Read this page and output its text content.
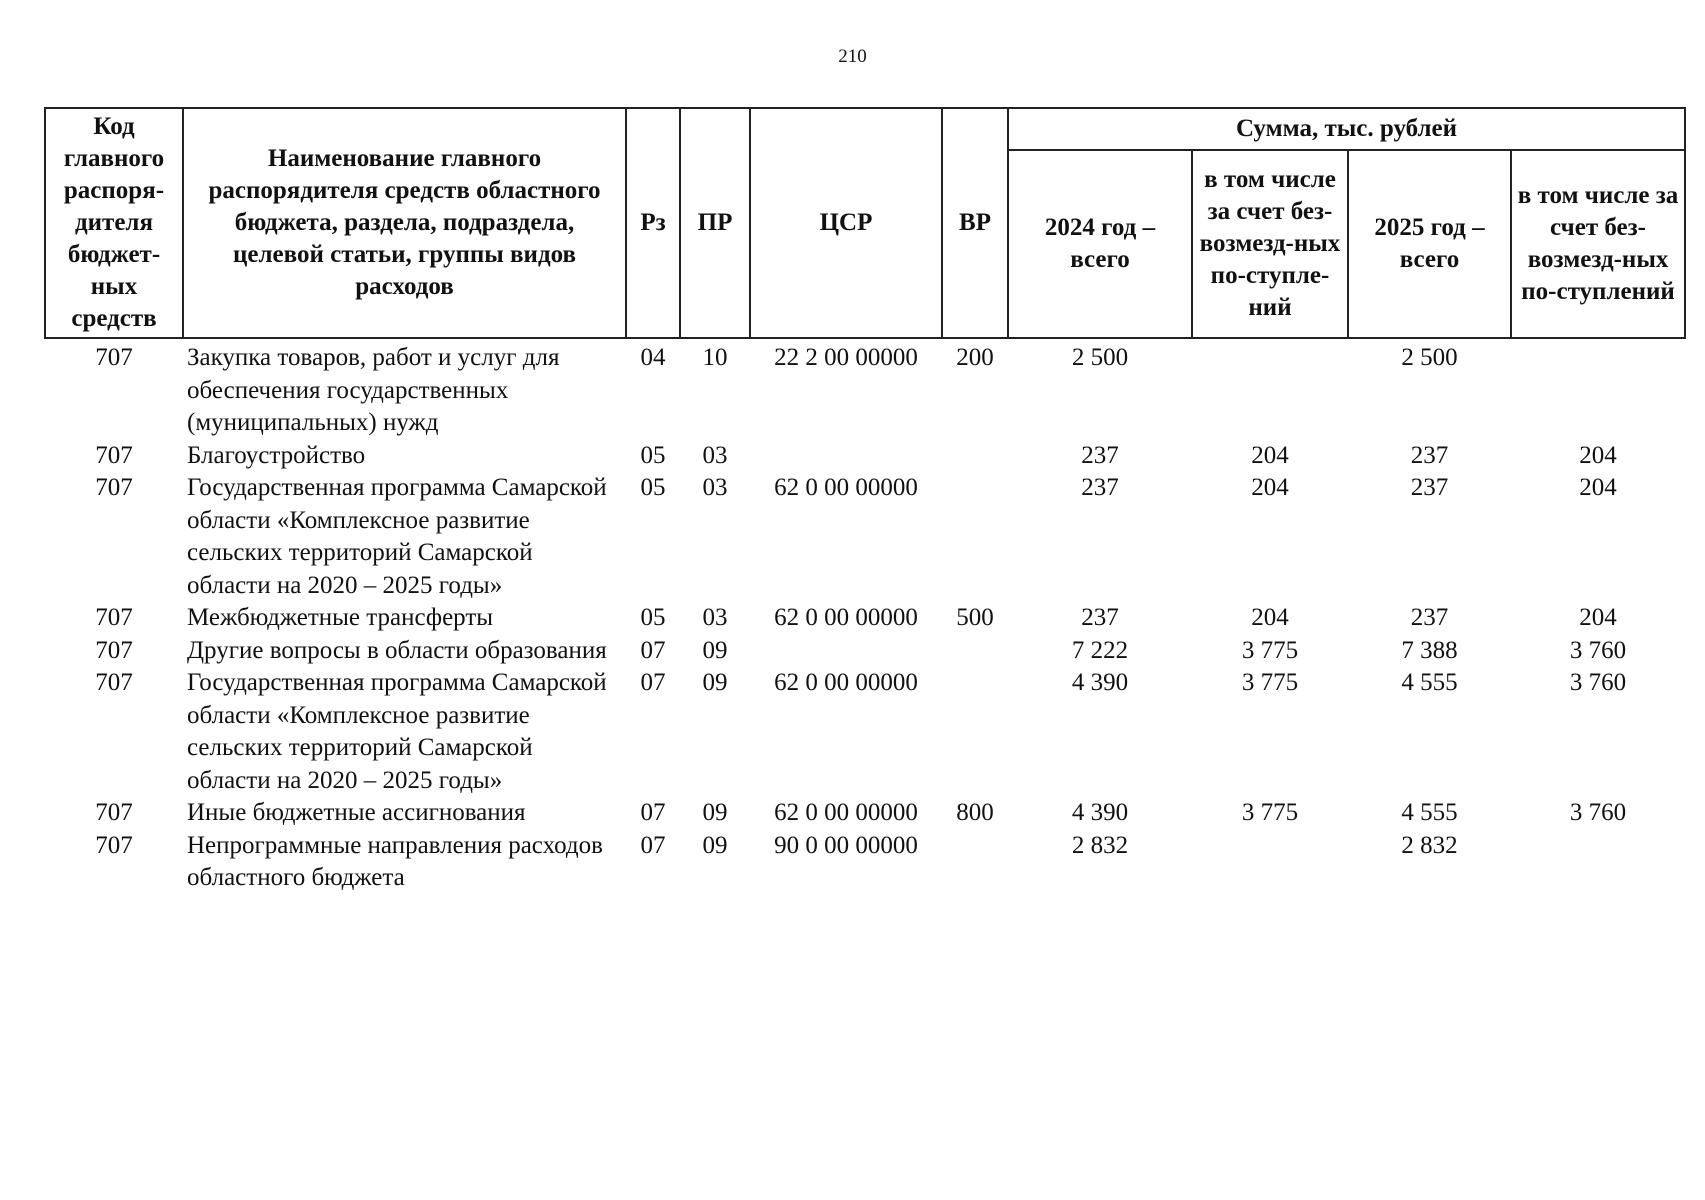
210
Код главного распоря-дителя бюджет-ных средств	Наименование главного распорядителя средств областного бюджета, раздела, подраздела, целевой статьи, группы видов расходов	Рз	ПР	ЦСР	ВР	Сумма, тыс. рублей			
						2024 год – всего	в том числе за счет без-возмезд-ных по-ступле-ний	2025 год – всего	в том числе за счет без-возмезд-ных по-ступлений
707	Закупка товаров, работ и услуг для обеспечения государственных (муниципальных) нужд	04	10	22 2 00 00000	200	2 500		2 500	
707	Благоустройство	05	03			237	204	237	204
707	Государственная программа Самарской области «Комплексное развитие сельских территорий Самарской области на 2020 – 2025 годы»	05	03	62 0 00 00000		237	204	237	204
707	Межбюджетные трансферты	05	03	62 0 00 00000	500	237	204	237	204
707	Другие вопросы в области образования	07	09			7 222	3 775	7 388	3 760
707	Государственная программа Самарской области «Комплексное развитие сельских территорий Самарской области на 2020 – 2025 годы»	07	09	62 0 00 00000		4 390	3 775	4 555	3 760
707	Иные бюджетные ассигнования	07	09	62 0 00 00000	800	4 390	3 775	4 555	3 760
707	Непрограммные направления расходов областного бюджета	07	09	90 0 00 00000		2 832		2 832	
